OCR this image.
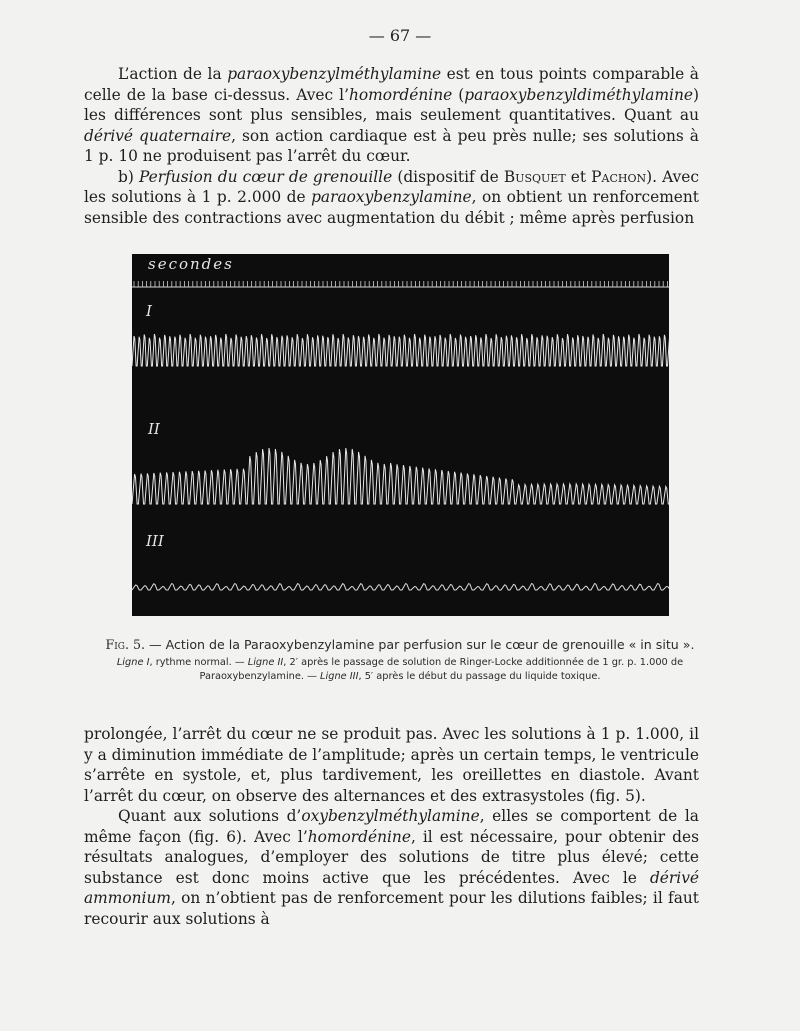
— 67 —

L’action de la paraoxybenzylméthylamine est en tous points comparable à celle de la base ci-dessus. Avec l’homordénine (paraoxybenzyldiméthylamine) les différences sont plus sensibles, mais seulement quantitatives. Quant au dérivé quaternaire, son action cardiaque est à peu près nulle; ses solutions à 1 p. 10 ne produisent pas l’arrêt du cœur.

b) Perfusion du cœur de grenouille (dispositif de Busquet et Pachon). Avec les solutions à 1 p. 2.000 de paraoxybenzylamine, on obtient un renforcement sensible des contractions avec augmentation du débit ; même après perfusion

secondes
I
II
III

Fig. 5. — Action de la Paraoxybenzylamine par perfusion sur le cœur de grenouille « in situ ».

Ligne I, rythme normal. — Ligne II, 2′ après le passage de solution de Ringer-Locke additionnée de 1 gr. p. 1.000 de Paraoxybenzylamine. — Ligne III, 5′ après le début du passage du liquide toxique.

prolongée, l’arrêt du cœur ne se produit pas. Avec les solutions à 1 p. 1.000, il y a diminution immédiate de l’amplitude; après un certain temps, le ventricule s’arrête en systole, et, plus tardivement, les oreillettes en diastole. Avant l’arrêt du cœur, on observe des alternances et des extrasystoles (fig. 5).

Quant aux solutions d’oxybenzylméthylamine, elles se comportent de la même façon (fig. 6). Avec l’homordénine, il est nécessaire, pour obtenir des résultats analogues, d’employer des solutions de titre plus élevé; cette substance est donc moins active que les précédentes. Avec le dérivé ammonium, on n’obtient pas de renforcement pour les dilutions faibles; il faut recourir aux solutions à
